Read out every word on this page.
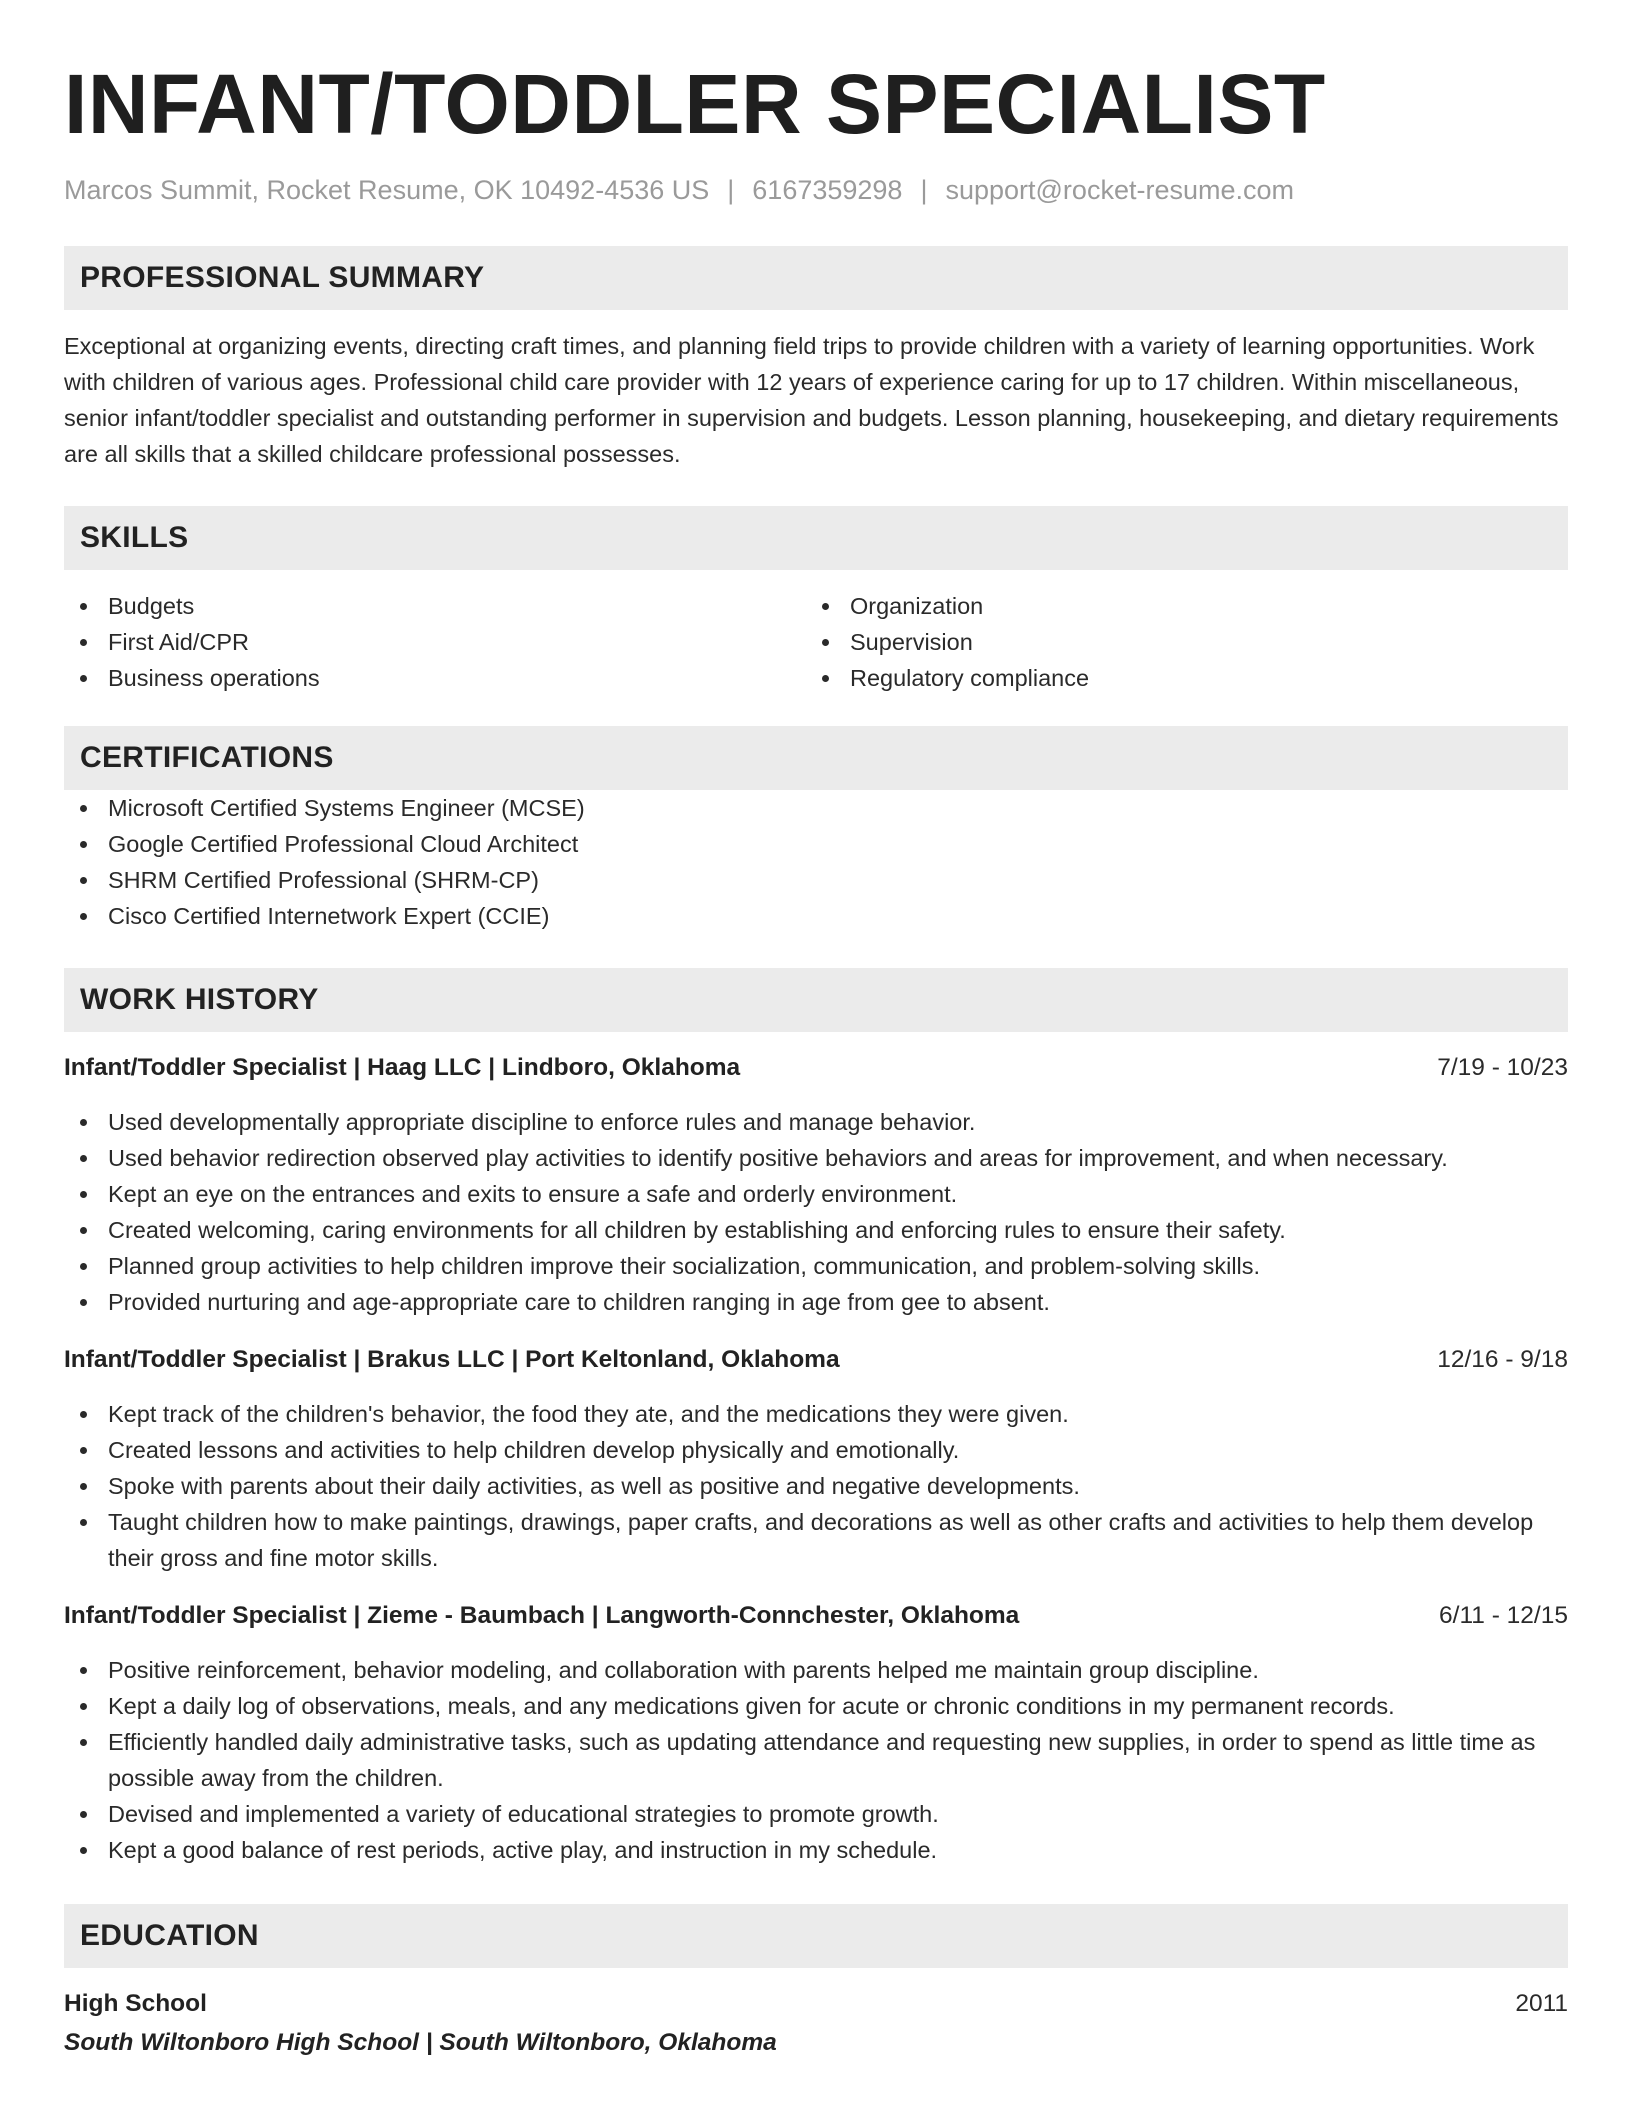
INFANT/TODDLER SPECIALIST
Marcos Summit, Rocket Resume, OK 10492-4536 US | 6167359298 | support@rocket-resume.com
PROFESSIONAL SUMMARY

Exceptional at organizing events, directing craft times, and planning field trips to provide children with a variety of learning opportunities. Work with children of various ages. Professional child care provider with 12 years of experience caring for up to 17 children. Within miscellaneous, senior infant/toddler specialist and outstanding performer in supervision and budgets. Lesson planning, housekeeping, and dietary requirements are all skills that a skilled childcare professional possesses.

SKILLS
Budgets
First Aid/CPR
Business operations
Organization
Supervision
Regulatory compliance
CERTIFICATIONS
Microsoft Certified Systems Engineer (MCSE)
Google Certified Professional Cloud Architect
SHRM Certified Professional (SHRM-CP)
Cisco Certified Internetwork Expert (CCIE)
WORK HISTORY
Infant/Toddler Specialist | Haag LLC | Lindboro, Oklahoma	7/19 - 10/23
Used developmentally appropriate discipline to enforce rules and manage behavior.
Used behavior redirection observed play activities to identify positive behaviors and areas for improvement, and when necessary.
Kept an eye on the entrances and exits to ensure a safe and orderly environment.
Created welcoming, caring environments for all children by establishing and enforcing rules to ensure their safety.
Planned group activities to help children improve their socialization, communication, and problem-solving skills.
Provided nurturing and age-appropriate care to children ranging in age from gee to absent.
Infant/Toddler Specialist | Brakus LLC | Port Keltonland, Oklahoma	12/16 - 9/18
Kept track of the children's behavior, the food they ate, and the medications they were given.
Created lessons and activities to help children develop physically and emotionally.
Spoke with parents about their daily activities, as well as positive and negative developments.
Taught children how to make paintings, drawings, paper crafts, and decorations as well as other crafts and activities to help them develop their gross and fine motor skills.
Infant/Toddler Specialist | Zieme - Baumbach | Langworth-Connchester, Oklahoma	6/11 - 12/15
Positive reinforcement, behavior modeling, and collaboration with parents helped me maintain group discipline.
Kept a daily log of observations, meals, and any medications given for acute or chronic conditions in my permanent records.
Efficiently handled daily administrative tasks, such as updating attendance and requesting new supplies, in order to spend as little time as possible away from the children.
Devised and implemented a variety of educational strategies to promote growth.
Kept a good balance of rest periods, active play, and instruction in my schedule.
EDUCATION
High School	2011
South Wiltonboro High School | South Wiltonboro, Oklahoma
